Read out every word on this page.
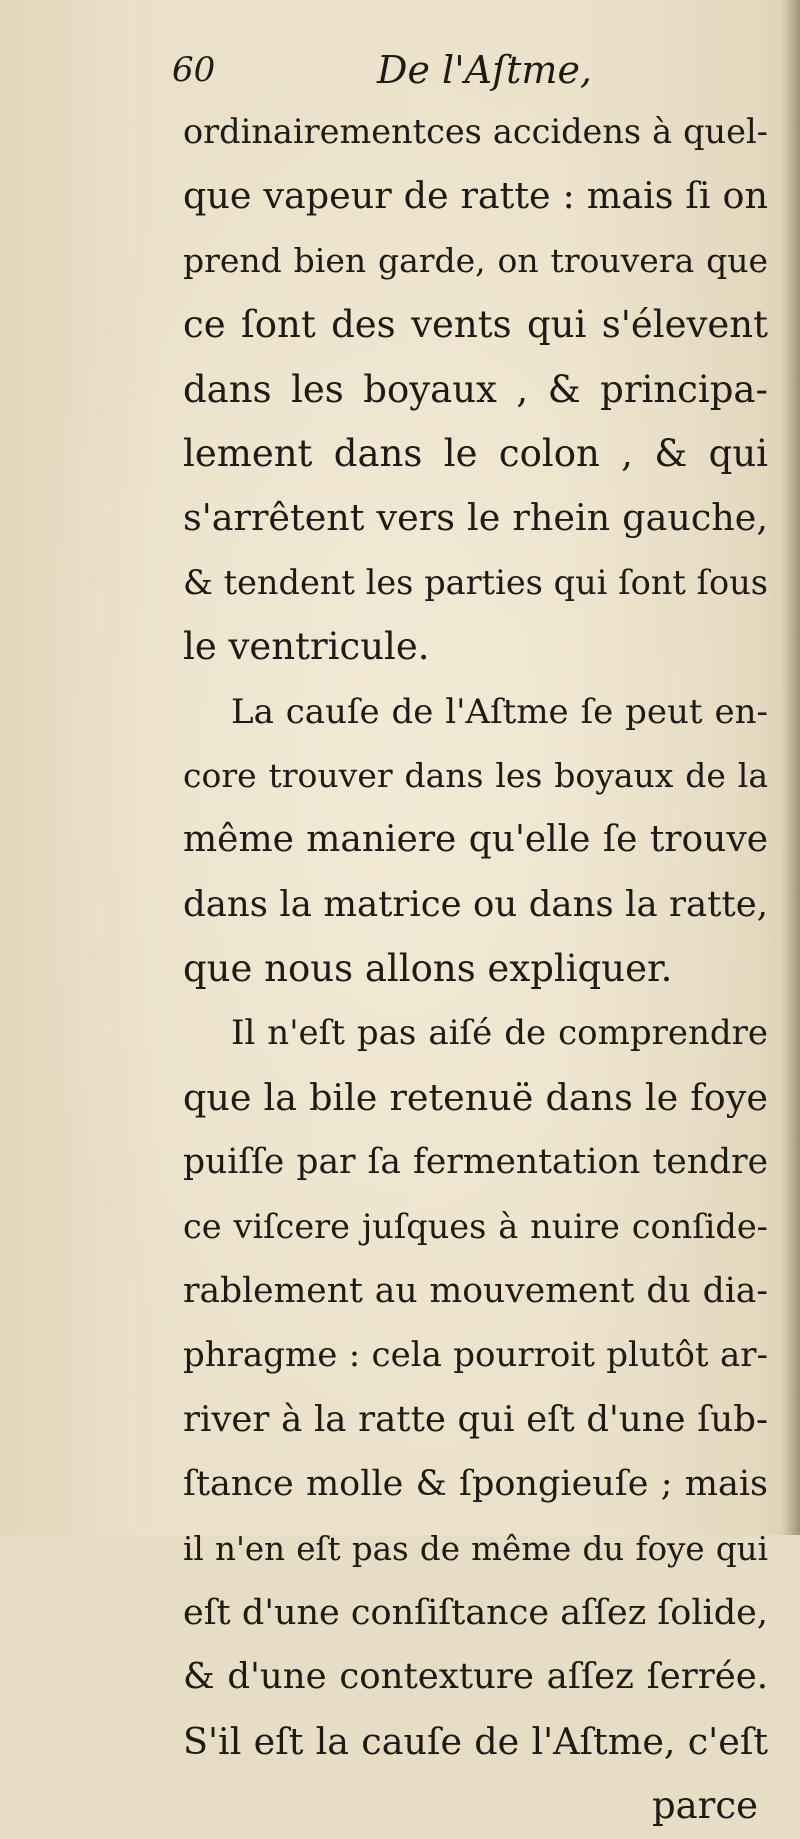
60	De l'Aſtme,
ordinairementces accidens à quel-
que vapeur de ratte : mais ſi on
prend bien garde, on trouvera que
ce ſont des vents qui s'élevent
dans les boyaux , & principa-
lement dans le colon , & qui
s'arrêtent vers le rhein gauche,
& tendent les parties qui ſont ſous
le ventricule.
La cauſe de l'Aſtme ſe peut en-
core trouver dans les boyaux de la
même maniere qu'elle ſe trouve
dans la matrice ou dans la ratte,
que nous allons expliquer.
Il n'eſt pas aiſé de comprendre
que la bile retenuë dans le foye
puiſſe par ſa fermentation tendre
ce viſcere juſques à nuire conſide-
rablement au mouvement du dia-
phragme : cela pourroit plutôt ar-
river à la ratte qui eſt d'une ſub-
ſtance molle & ſpongieuſe ; mais
il n'en eſt pas de même du foye qui
eſt d'une conſiſtance aſſez ſolide,
& d'une contexture aſſez ſerrée.
S'il eſt la cauſe de l'Aſtme, c'eſt
parce
